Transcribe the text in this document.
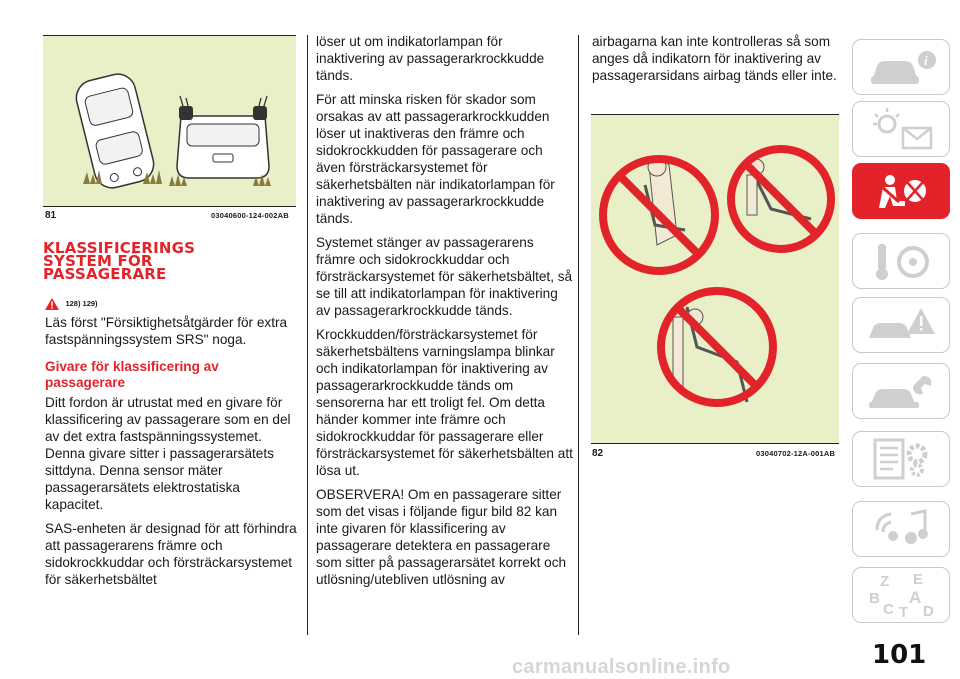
81	03040600-124-002AB
KLASSIFICERINGS
SYSTEM FÖR
PASSAGERARE
128) 129)

Läs först "Försiktighetsåtgärder för extra fastspänningssystem SRS" noga.

Givare för klassificering av passagerare

Ditt fordon är utrustat med en givare för klassificering av passagerare som en del av det extra fastspänningssystemet. Denna givare sitter i passagerarsätets sittdyna. Denna sensor mäter passagerarsätets elektrostatiska kapacitet.

SAS-enheten är designad för att förhindra att passagerarens främre och sidokrockkuddar och försträckarsystemet för säkerhetsbältet

löser ut om indikatorlampan för inaktivering av passagerarkrockkudde tänds.

För att minska risken för skador som orsakas av att passagerarkrockkudden löser ut inaktiveras den främre och sidokrockkudden för passagerare och även försträckarsystemet för säkerhetsbälten när indikatorlampan för inaktivering av passagerarkrockkudde tänds.

Systemet stänger av passagerarens främre och sidokrockkuddar och försträckarsystemet för säkerhetsbältet, så se till att indikatorlampan för inaktivering av passagerarkrockkudde tänds.

Krockkudden/försträckarsystemet för säkerhetsbältens varningslampa blinkar och indikatorlampan för inaktivering av passagerarkrockkudde tänds om sensorerna har ett troligt fel. Om detta händer kommer inte främre och sidokrockkuddar för passagerare eller försträckarsystemet för säkerhetsbälten att lösa ut.

OBSERVERA! Om en passagerare sitter som det visas i följande figur bild 82 kan inte givaren för klassificering av passagerare detektera en passagerare som sitter på passagerarsätet korrekt och utlösning/utebliven utlösning av

airbagarna kan inte kontrolleras så som anges då indikatorn för inaktivering av passagerarsidans airbag tänds eller inte.

82	03040702-12A-001AB
i
Z E
B A
C T D
101
carmanualsonline.info
